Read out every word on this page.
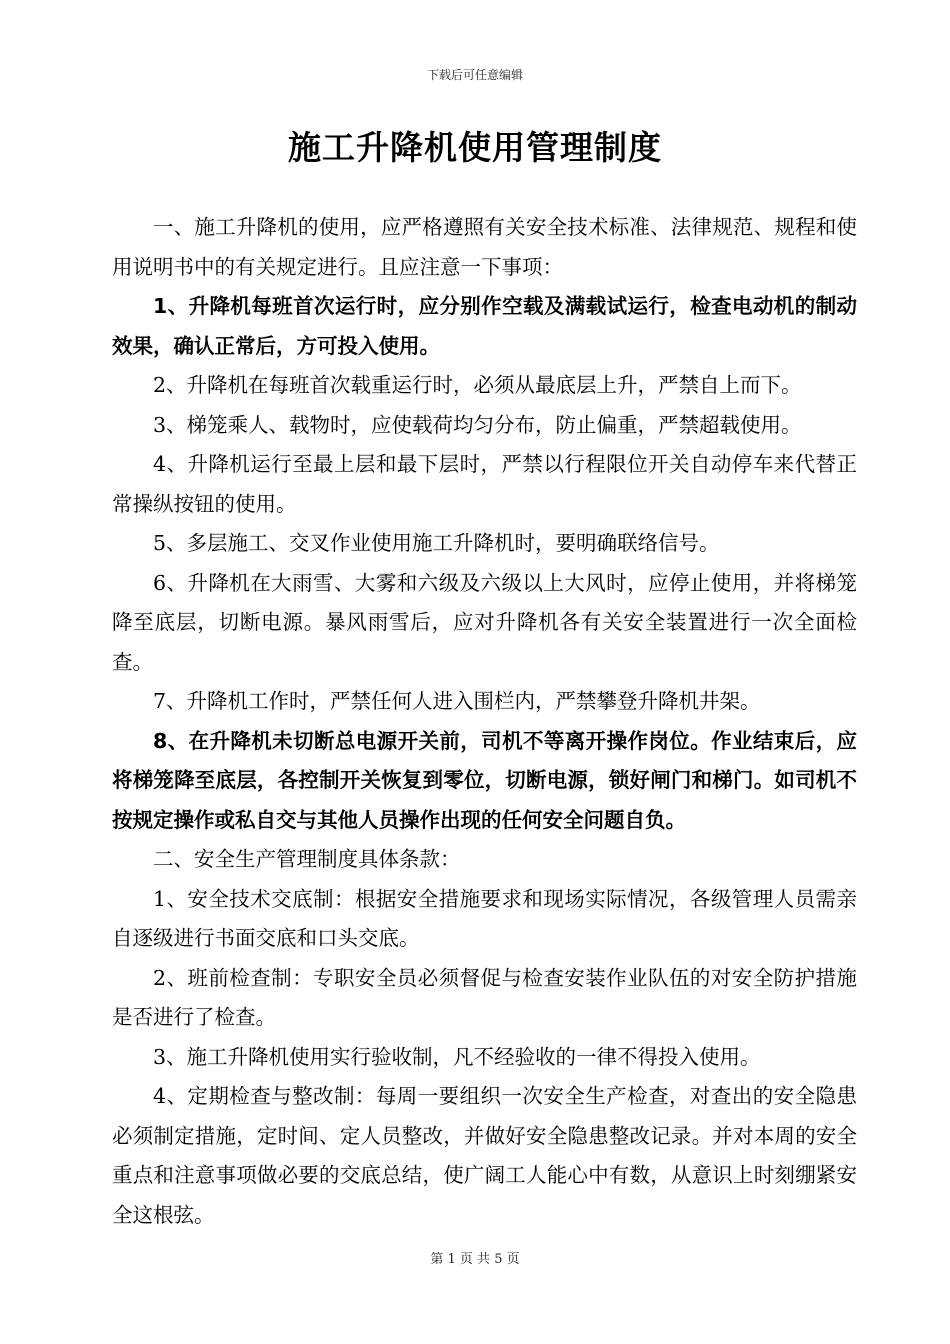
下载后可任意编辑
施工升降机使用管理制度

一、施工升降机的使用，应严格遵照有关安全技术标准、法律规范、规程和使用说明书中的有关规定进行。且应注意一下事项：

1、升降机每班首次运行时，应分别作空载及满载试运行，检查电动机的制动效果，确认正常后，方可投入使用。

2、升降机在每班首次载重运行时，必须从最底层上升，严禁自上而下。

3、梯笼乘人、载物时，应使载荷均匀分布，防止偏重，严禁超载使用。

4、升降机运行至最上层和最下层时，严禁以行程限位开关自动停车来代替正常操纵按钮的使用。

5、多层施工、交叉作业使用施工升降机时，要明确联络信号。

6、升降机在大雨雪、大雾和六级及六级以上大风时，应停止使用，并将梯笼降至底层，切断电源。暴风雨雪后，应对升降机各有关安全装置进行一次全面检查。

7、升降机工作时，严禁任何人进入围栏内，严禁攀登升降机井架。

8、在升降机未切断总电源开关前，司机不等离开操作岗位。作业结束后，应将梯笼降至底层，各控制开关恢复到零位，切断电源，锁好闸门和梯门。如司机不按规定操作或私自交与其他人员操作出现的任何安全问题自负。

二、安全生产管理制度具体条款：

1、安全技术交底制：根据安全措施要求和现场实际情况，各级管理人员需亲自逐级进行书面交底和口头交底。

2、班前检查制：专职安全员必须督促与检查安装作业队伍的对安全防护措施是否进行了检查。

3、施工升降机使用实行验收制，凡不经验收的一律不得投入使用。

4、定期检查与整改制：每周一要组织一次安全生产检查，对查出的安全隐患必须制定措施，定时间、定人员整改，并做好安全隐患整改记录。并对本周的安全重点和注意事项做必要的交底总结，使广阔工人能心中有数，从意识上时刻绷紧安全这根弦。

第 1 页 共 5 页
